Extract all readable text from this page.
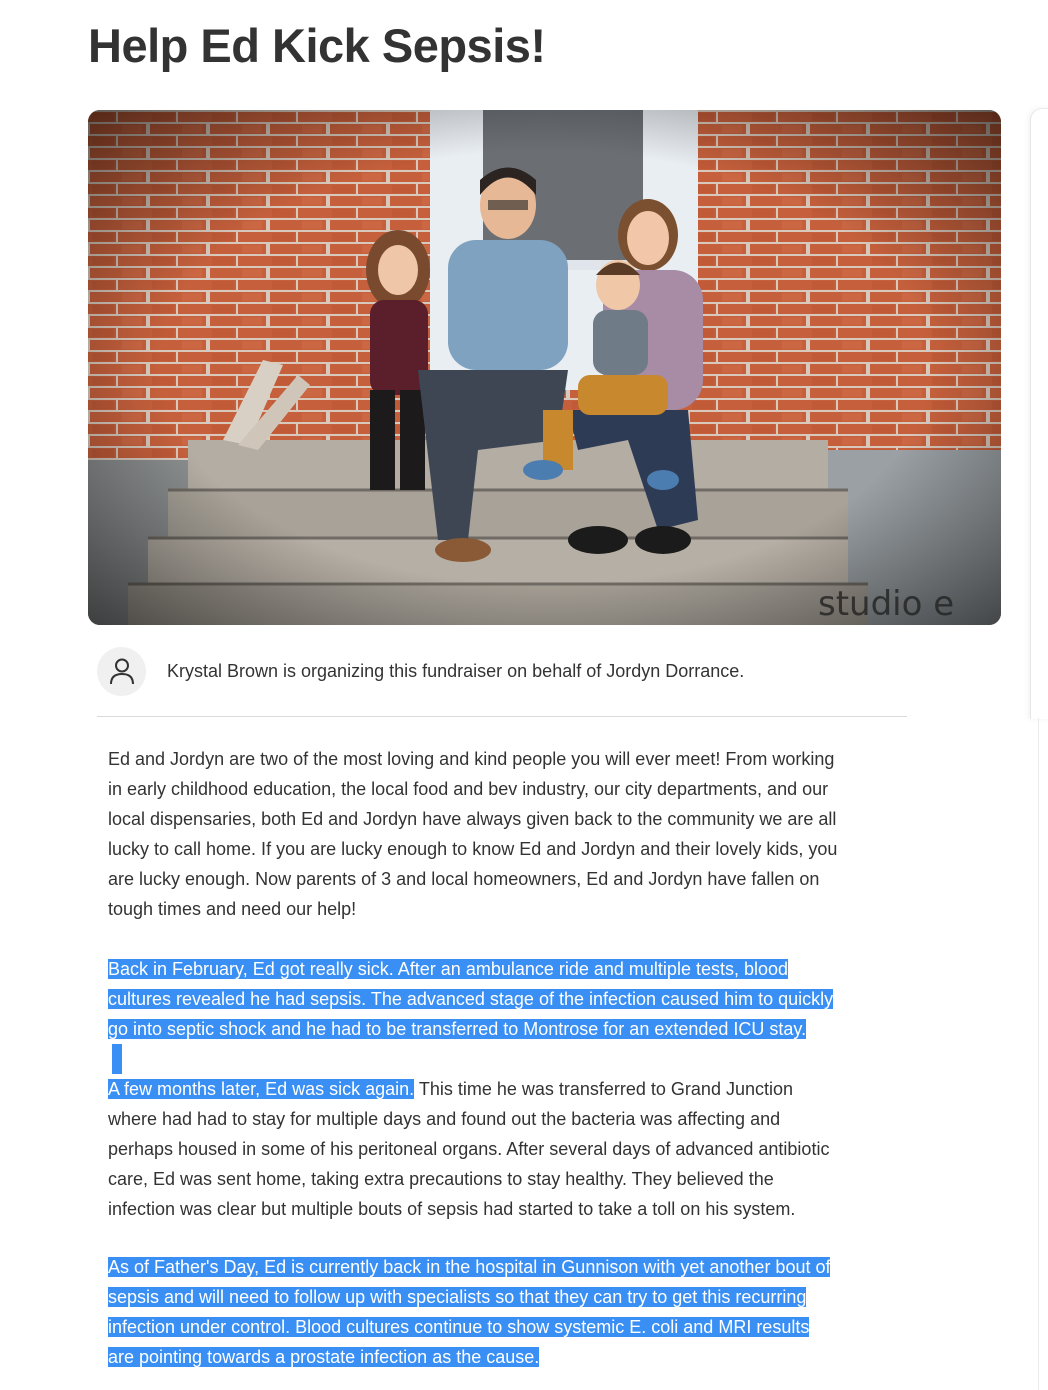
Help Ed Kick Sepsis!
studio e
Krystal Brown is organizing this fundraiser on behalf of Jordyn Dorrance.

Ed and Jordyn are two of the most loving and kind people you will ever meet! From working
in early childhood education, the local food and bev industry, our city departments, and our
local dispensaries, both Ed and Jordyn have always given back to the community we are all
lucky to call home. If you are lucky enough to know Ed and Jordyn and their lovely kids, you
are lucky enough. Now parents of 3 and local homeowners, Ed and Jordyn have fallen on
tough times and need our help!

Back in February, Ed got really sick. After an ambulance ride and multiple tests, blood
cultures revealed he had sepsis. The advanced stage of the infection caused him to quickly
go into septic shock and he had to be transferred to Montrose for an extended ICU stay.

A few months later, Ed was sick again. This time he was transferred to Grand Junction
where had had to stay for multiple days and found out the bacteria was affecting and
perhaps housed in some of his peritoneal organs. After several days of advanced antibiotic
care, Ed was sent home, taking extra precautions to stay healthy. They believed the
infection was clear but multiple bouts of sepsis had started to take a toll on his system.

As of Father's Day, Ed is currently back in the hospital in Gunnison with yet another bout of
sepsis and will need to follow up with specialists so that they can try to get this recurring
infection under control. Blood cultures continue to show systemic E. coli and MRI results
are pointing towards a prostate infection as the cause.
